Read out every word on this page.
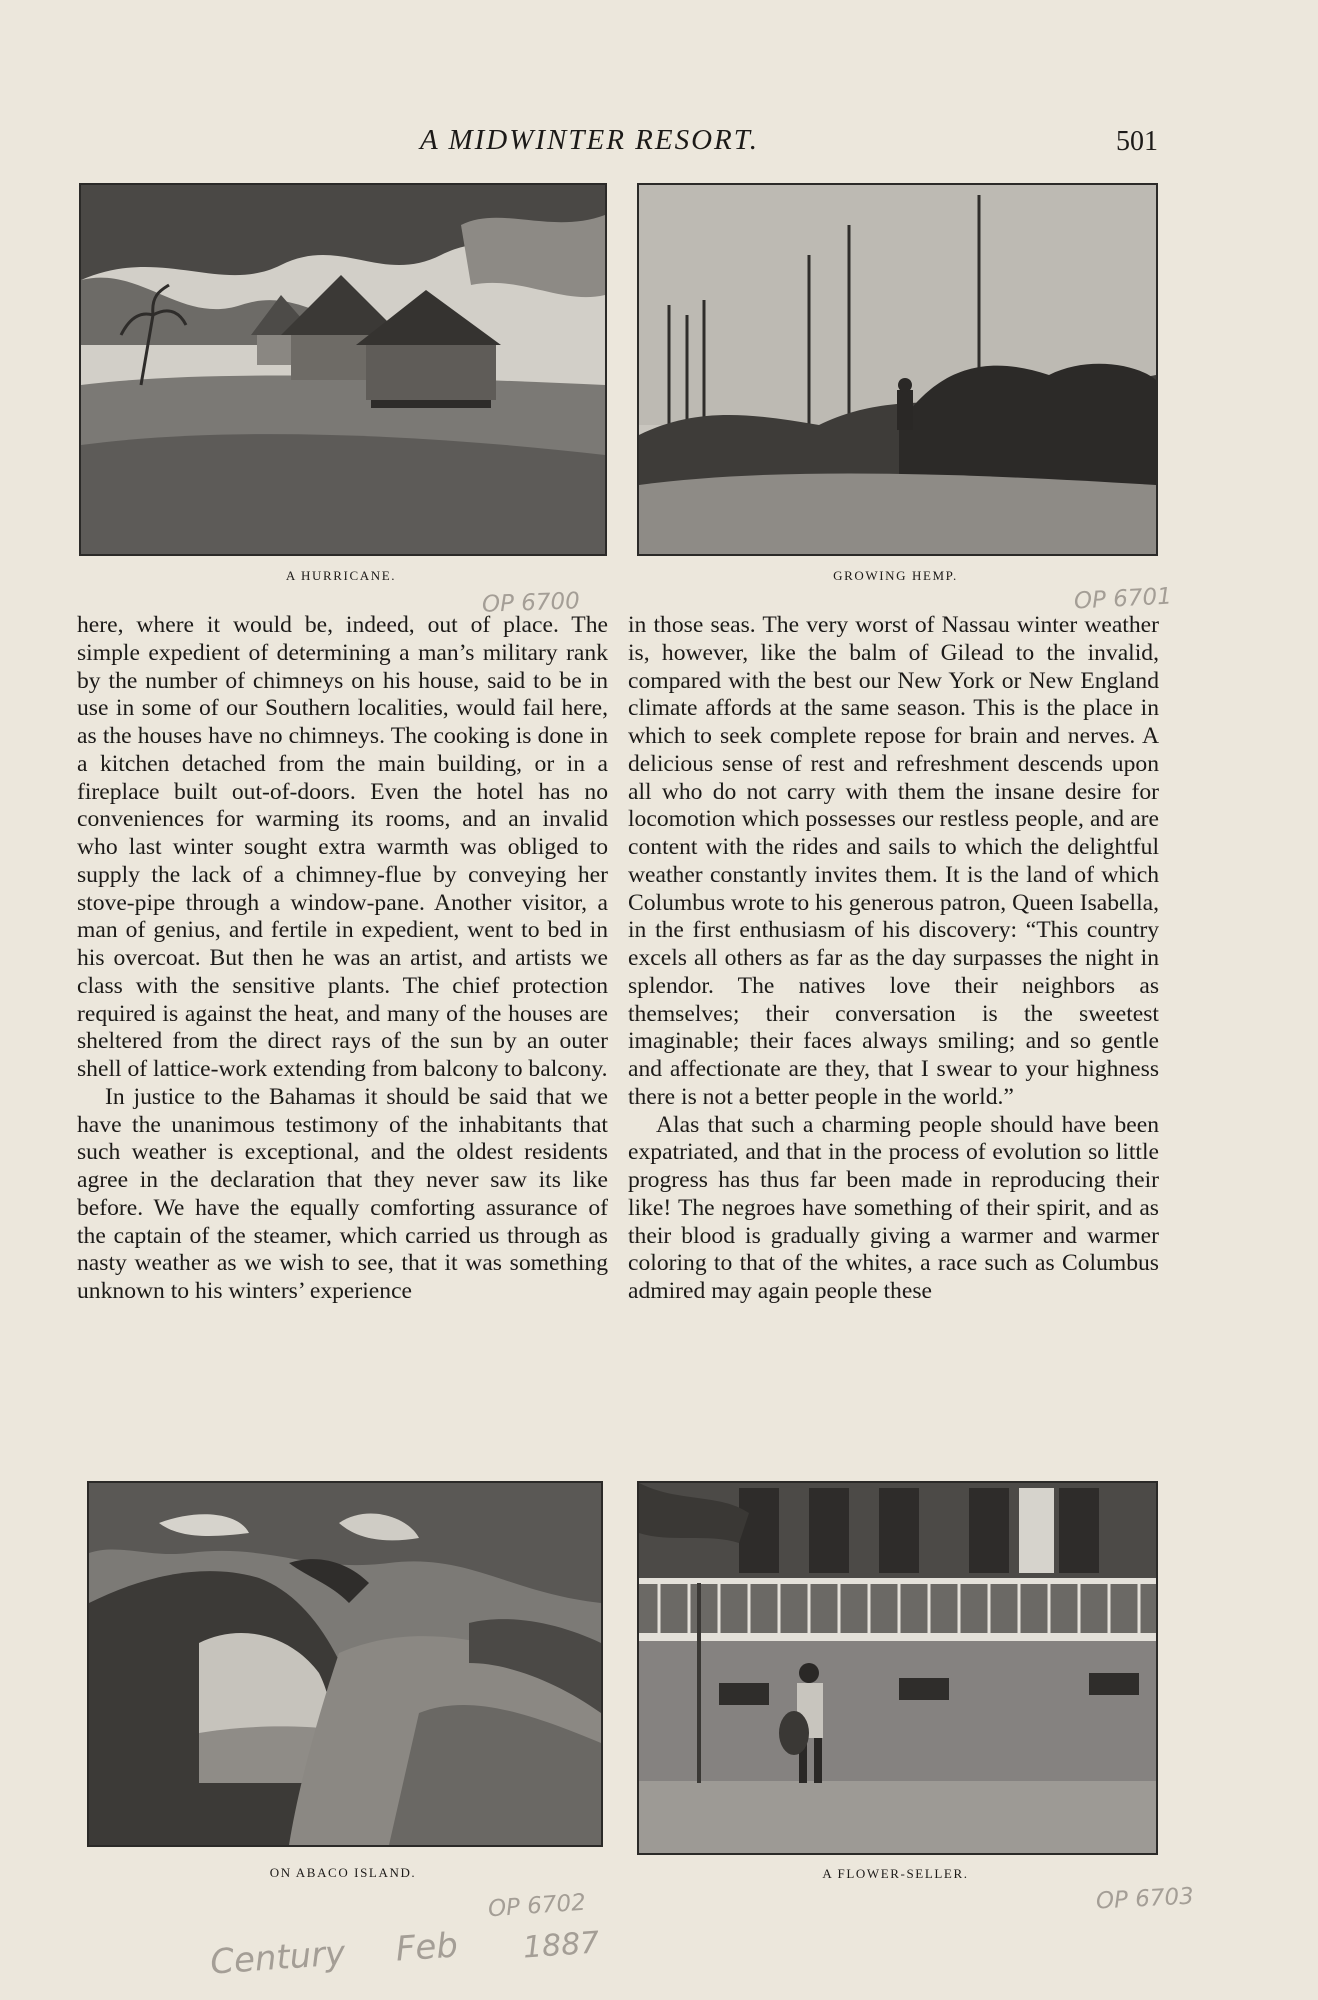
A MIDWINTER RESORT.	501
A HURRICANE.	GROWING HEMP.
OP 6700	OP 6701

here, where it would be, indeed, out of place. The simple expedient of determining a man’s military rank by the number of chimneys on his house, said to be in use in some of our Southern localities, would fail here, as the houses have no chimneys. The cooking is done in a kitchen detached from the main building, or in a fireplace built out-of-doors. Even the hotel has no conveniences for warming its rooms, and an invalid who last winter sought extra warmth was obliged to supply the lack of a chimney-flue by conveying her stove-pipe through a window-pane. Another visitor, a man of genius, and fertile in expedient, went to bed in his overcoat. But then he was an artist, and artists we class with the sensitive plants. The chief protection required is against the heat, and many of the houses are sheltered from the direct rays of the sun by an outer shell of lattice-work extending from balcony to balcony.

In justice to the Bahamas it should be said that we have the unanimous testimony of the inhabitants that such weather is exceptional, and the oldest residents agree in the declaration that they never saw its like before. We have the equally comforting assurance of the captain of the steamer, which carried us through as nasty weather as we wish to see, that it was something unknown to his winters’ experience

in those seas. The very worst of Nassau winter weather is, however, like the balm of Gilead to the invalid, compared with the best our New York or New England climate affords at the same season. This is the place in which to seek complete repose for brain and nerves. A delicious sense of rest and refreshment descends upon all who do not carry with them the insane desire for locomotion which possesses our restless people, and are content with the rides and sails to which the delightful weather constantly invites them. It is the land of which Columbus wrote to his generous patron, Queen Isabella, in the first enthusiasm of his discovery: “This country excels all others as far as the day surpasses the night in splendor. The natives love their neighbors as themselves; their conversation is the sweetest imaginable; their faces always smiling; and so gentle and affectionate are they, that I swear to your highness there is not a better people in the world.”

Alas that such a charming people should have been expatriated, and that in the process of evolution so little progress has thus far been made in reproducing their like! The negroes have something of their spirit, and as their blood is gradually giving a warmer and warmer coloring to that of the whites, a race such as Columbus admired may again people these

ON ABACO ISLAND.	A FLOWER-SELLER.
OP 6702	OP 6703
Century Feb 1887
